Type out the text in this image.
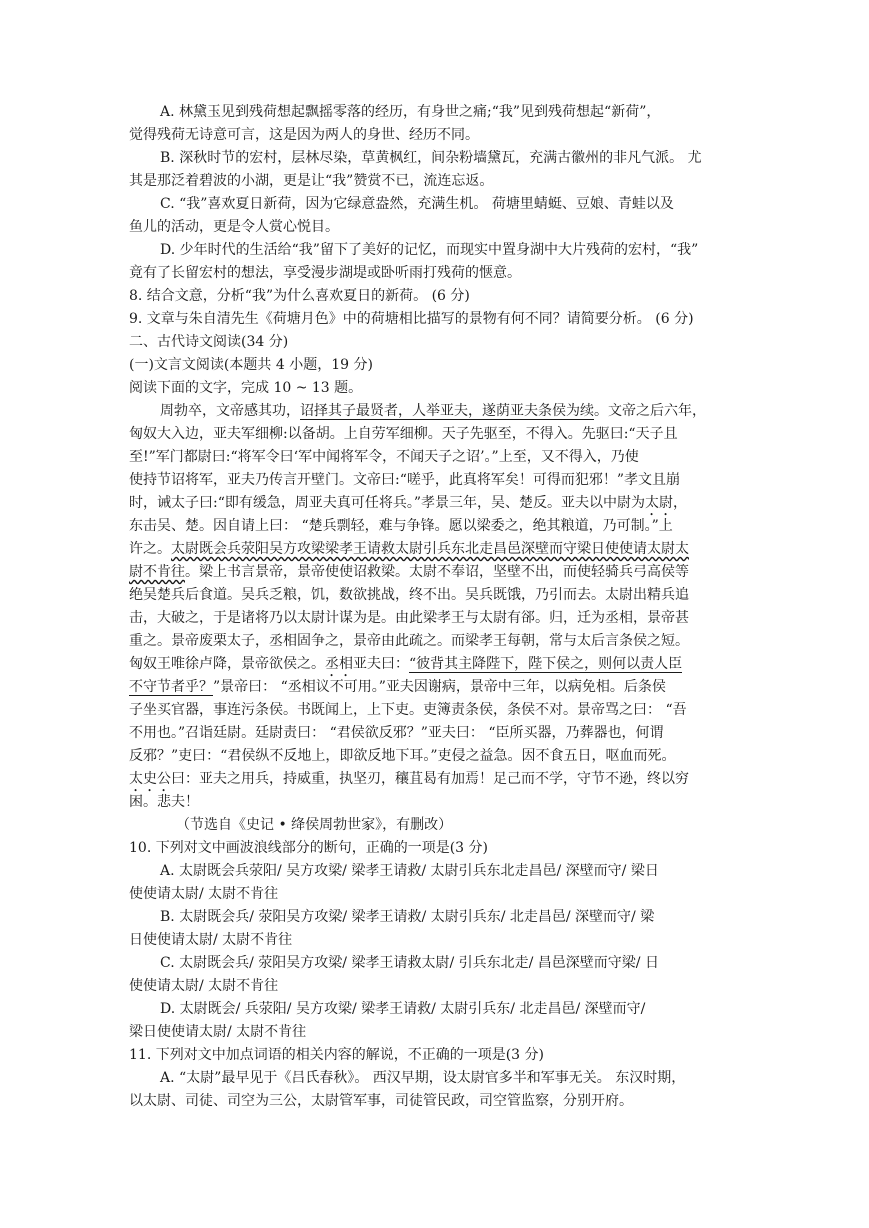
A. 林黛玉见到残荷想起飘摇零落的经历，有身世之痛;“我”见到残荷想起“新荷”，
觉得残荷无诗意可言，这是因为两人的身世、经历不同。
B. 深秋时节的宏村，层林尽染，草黄枫红，间杂粉墙黛瓦，充满古徽州的非凡气派。 尤
其是那泛着碧波的小湖，更是让“我”赞赏不已，流连忘返。
C. “我”喜欢夏日新荷，因为它绿意盎然，充满生机。 荷塘里蜻蜓、豆娘、青蛙以及
鱼儿的活动，更是令人赏心悦目。
D. 少年时代的生活给“我”留下了美好的记忆，而现实中置身湖中大片残荷的宏村，“我”
竟有了长留宏村的想法，享受漫步湖堤或卧听雨打残荷的惬意。
8. 结合文意，分析“我”为什么喜欢夏日的新荷。 (6 分)
9. 文章与朱自清先生《荷塘月色》中的荷塘相比描写的景物有何不同？请简要分析。 (6 分)
二、古代诗文阅读(34 分)
(一)文言文阅读(本题共 4 小题，19 分)
阅读下面的文字，完成 10 ~ 13 题。
周勃卒，文帝感其功，诏择其子最贤者，人举亚夫，遂荫亚夫条侯为续。文帝之后六年，
匈奴大入边，亚夫军细柳:以备胡。上自劳军细柳。天子先驱至，不得入。先驱曰:“天子且
至!”军门都尉曰:“将军令曰‘军中闻将军令，不闻天子之诏’。”上至，又不得入，乃使
使持节诏将军，亚夫乃传言开壁门。文帝曰:“嗟乎，此真将军矣！可得而犯邪！”孝文且崩
时，诫太子曰:“即有缓急，周亚夫真可任将兵。”孝景三年，吴、楚反。亚夫以中尉为太尉，
东击吴、楚。因自请上曰： “楚兵剽轻，难与争锋。愿以梁委之，绝其粮道，乃可制。”上
许之。太尉既会兵荥阳吴方攻梁梁孝王请救太尉引兵东北走昌邑深壁而守梁日使使请太尉太
尉不肯往。梁上书言景帝，景帝使使诏救梁。太尉不奉诏，坚壁不出，而使轻骑兵弓高侯等
绝吴楚兵后食道。吴兵乏粮，饥，数欲挑战，终不出。吴兵既饿，乃引而去。太尉出精兵追
击，大破之，于是诸将乃以太尉计谋为是。由此梁孝王与太尉有郤。归，迁为丞相，景帝甚
重之。景帝废栗太子，丞相固争之，景帝由此疏之。而梁孝王每朝，常与太后言条侯之短。
匈奴王唯徐卢降，景帝欲侯之。丞相亚夫曰：“彼背其主降陛下，陛下侯之，则何以责人臣
不守节者乎？”景帝曰： “丞相议不可用。”亚夫因谢病，景帝中三年，以病免相。后条侯
子坐买官器，事连污条侯。书既闻上，上下吏。吏簿责条侯，条侯不对。景帝骂之曰： “吾
不用也。”召诣廷尉。廷尉责曰： “君侯欲反邪？”亚夫曰： “臣所买器，乃葬器也，何谓
反邪？”吏曰：“君侯纵不反地上，即欲反地下耳。”吏侵之益急。因不食五日，呕血而死。
太史公曰：亚夫之用兵，持威重，执坚刃，穰苴曷有加焉！足己而不学，守节不逊，终以穷
困。悲夫！
（节选自《史记 • 绛侯周勃世家》，有删改）
10. 下列对文中画波浪线部分的断句，正确的一项是(3 分)
A. 太尉既会兵荥阳/ 吴方攻梁/ 梁孝王请救/ 太尉引兵东北走昌邑/ 深壁而守/ 梁日
使使请太尉/ 太尉不肯往
B. 太尉既会兵/ 荥阳吴方攻梁/ 梁孝王请救/ 太尉引兵东/ 北走昌邑/ 深壁而守/ 梁
日使使请太尉/ 太尉不肯往
C. 太尉既会兵/ 荥阳吴方攻梁/ 梁孝王请救太尉/ 引兵东北走/ 昌邑深壁而守梁/ 日
使使请太尉/ 太尉不肯往
D. 太尉既会/ 兵荥阳/ 吴方攻梁/ 梁孝王请救/ 太尉引兵东/ 北走昌邑/ 深壁而守/
梁日使使请太尉/ 太尉不肯往
11. 下列对文中加点词语的相关内容的解说，不正确的一项是(3 分)
A. “太尉”最早见于《吕氏春秋》。 西汉早期，设太尉官多半和军事无关。 东汉时期，
以太尉、司徒、司空为三公，太尉管军事，司徒管民政，司空管监察，分别开府。
